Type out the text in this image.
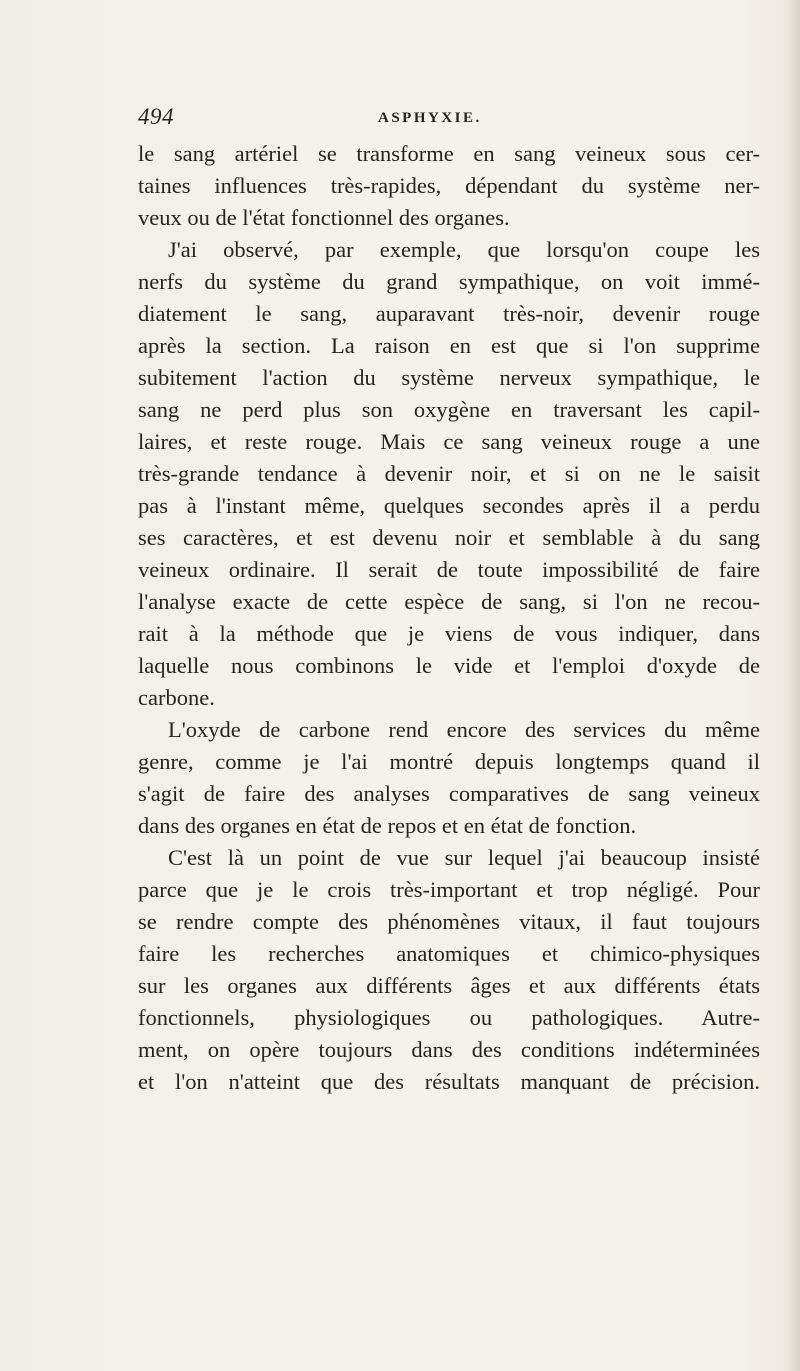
494	ASPHYXIE.
le sang artériel se transforme en sang veineux sous cer-
taines influences très-rapides, dépendant du système ner-
veux ou de l'état fonctionnel des organes.
J'ai observé, par exemple, que lorsqu'on coupe les
nerfs du système du grand sympathique, on voit immé-
diatement le sang, auparavant très-noir, devenir rouge
après la section. La raison en est que si l'on supprime
subitement l'action du système nerveux sympathique, le
sang ne perd plus son oxygène en traversant les capil-
laires, et reste rouge. Mais ce sang veineux rouge a une
très-grande tendance à devenir noir, et si on ne le saisit
pas à l'instant même, quelques secondes après il a perdu
ses caractères, et est devenu noir et semblable à du sang
veineux ordinaire. Il serait de toute impossibilité de faire
l'analyse exacte de cette espèce de sang, si l'on ne recou-
rait à la méthode que je viens de vous indiquer, dans
laquelle nous combinons le vide et l'emploi d'oxyde de
carbone.
L'oxyde de carbone rend encore des services du même
genre, comme je l'ai montré depuis longtemps quand il
s'agit de faire des analyses comparatives de sang veineux
dans des organes en état de repos et en état de fonction.
C'est là un point de vue sur lequel j'ai beaucoup insisté
parce que je le crois très-important et trop négligé. Pour
se rendre compte des phénomènes vitaux, il faut toujours
faire les recherches anatomiques et chimico-physiques
sur les organes aux différents âges et aux différents états
fonctionnels, physiologiques ou pathologiques. Autre-
ment, on opère toujours dans des conditions indéterminées
et l'on n'atteint que des résultats manquant de précision.
